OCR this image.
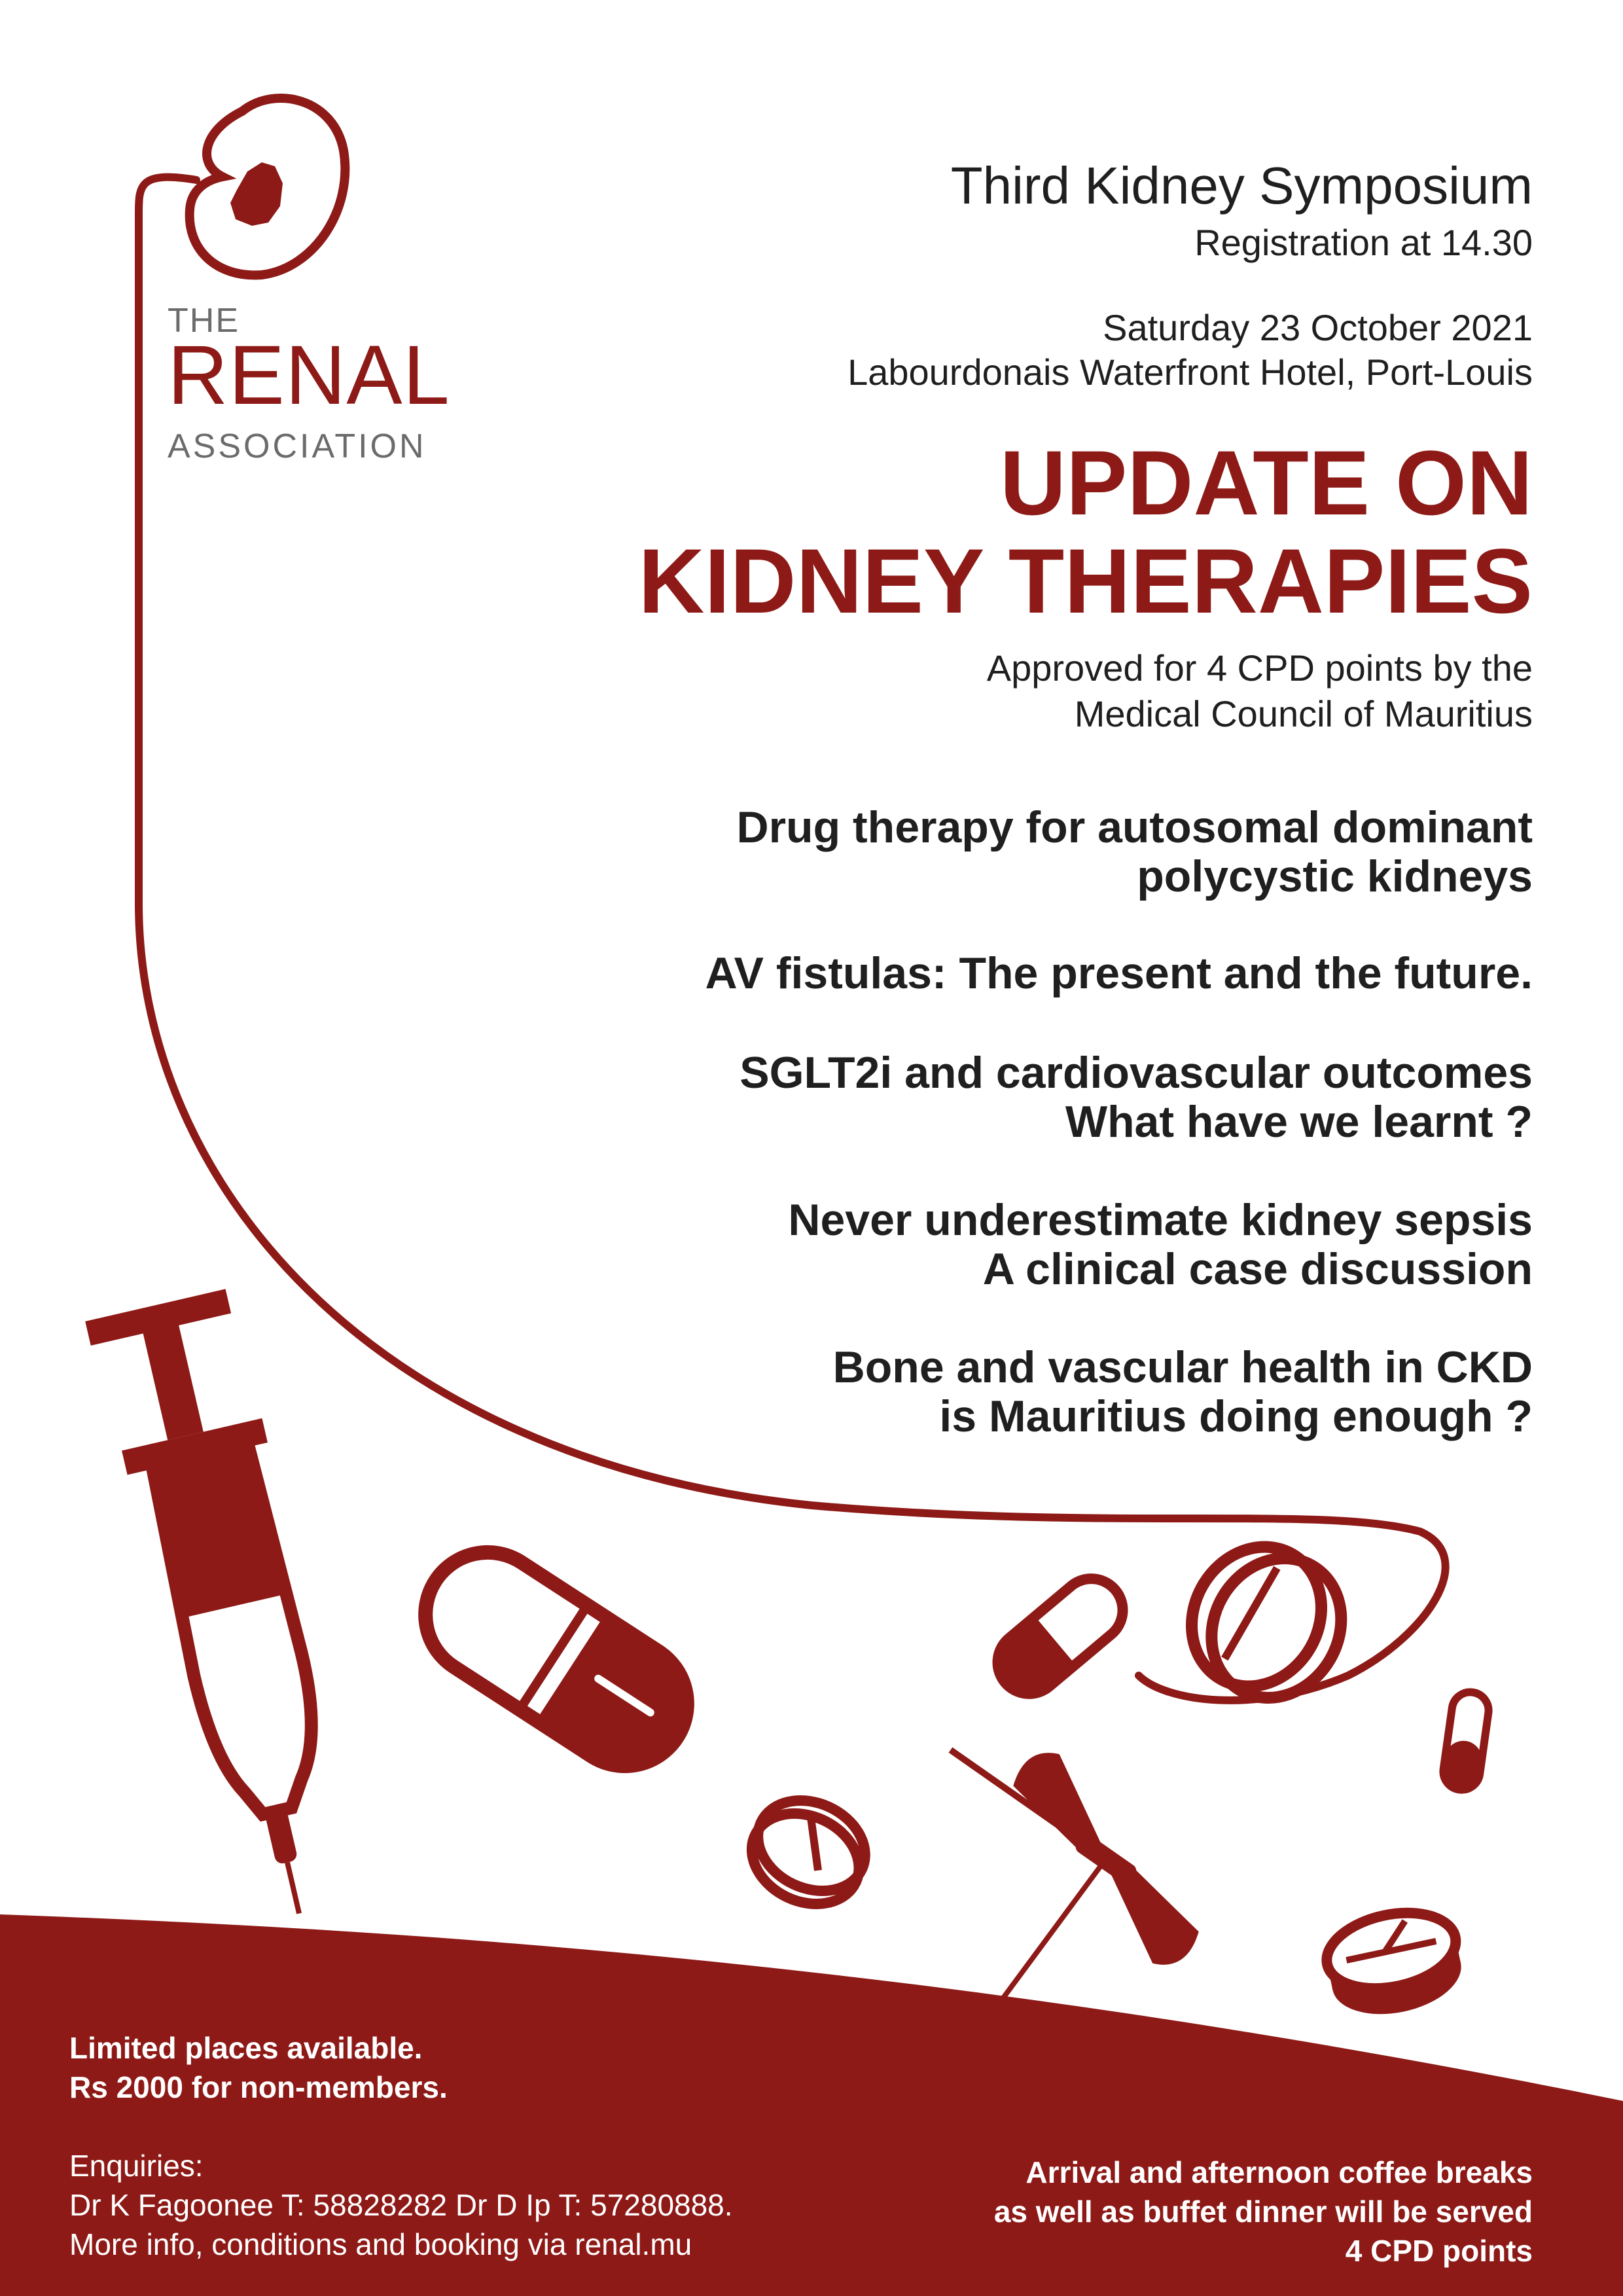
THE
RENAL
ASSOCIATION
Third Kidney Symposium
Registration at 14.30
Saturday 23 October 2021
Labourdonais Waterfront Hotel, Port-Louis
UPDATE ON
KIDNEY THERAPIES
Approved for 4 CPD points by the
Medical Council of Mauritius
Drug therapy for autosomal dominant
polycystic kidneys
AV fistulas: The present and the future.
SGLT2i and cardiovascular outcomes
What have we learnt ?
Never underestimate kidney sepsis
A clinical case discussion
Bone and vascular health in CKD
is Mauritius doing enough ?
Limited places available.
Rs 2000 for non-members.
Enquiries:
Dr K Fagoonee T: 58828282 Dr D Ip T: 57280888.
More info, conditions and booking via renal.mu
Arrival and afternoon coffee breaks
as well as buffet dinner will be served
4 CPD points
